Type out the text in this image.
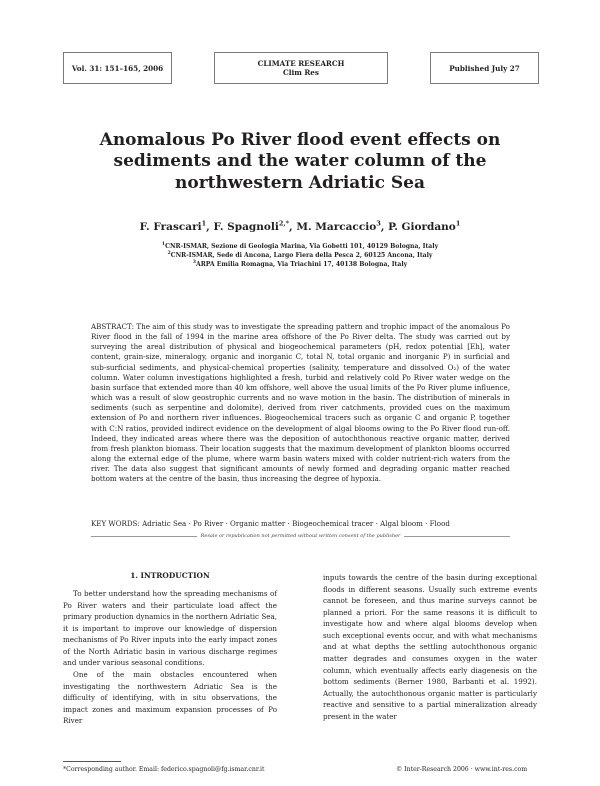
Vol. 31: 151–165, 2006	CLIMATE RESEARCH
Clim Res	Published July 27
Anomalous Po River flood event effects on sediments and the water column of the northwestern Adriatic Sea
F. Frascari$^1$, F. Spagnoli$^{2,*}$, M. Marcaccio$^3$, P. Giordano$^1$
$^1$CNR-ISMAR, Sezione di Geologia Marina, Via Gobetti 101, 40129 Bologna, Italy
$^2$CNR-ISMAR, Sede di Ancona, Largo Fiera della Pesca 2, 60125 Ancona, Italy
$^3$ARPA Emilia Romagna, Via Triachini 17, 40138 Bologna, Italy
ABSTRACT: The aim of this study was to investigate the spreading pattern and trophic impact of the anomalous Po River flood in the fall of 1994 in the marine area offshore of the Po River delta. The study was carried out by surveying the areal distribution of physical and biogeochemical parameters (pH, redox potential [Eh], water content, grain-size, mineralogy, organic and inorganic C, total N, total organic and inorganic P) in surficial and sub-surficial sediments, and physical-chemical properties (salinity, temperature and dissolved O₂) of the water column. Water column investigations highlighted a fresh, turbid and relatively cold Po River water wedge on the basin surface that extended more than 40 km offshore, well above the usual limits of the Po River plume influence, which was a result of slow geostrophic currents and no wave motion in the basin. The distribution of minerals in sediments (such as serpentine and dolomite), derived from river catchments, provided cues on the maximum extension of Po and northern river influences. Biogeochemical tracers such as organic C and organic P, together with C:N ratios, provided indirect evidence on the development of algal blooms owing to the Po River flood run-off. Indeed, they indicated areas where there was the deposition of autochthonous reactive organic matter, derived from fresh plankton biomass. Their location suggests that the maximum development of plankton blooms occurred along the external edge of the plume, where warm basin waters mixed with colder nutrient-rich waters from the river. The data also suggest that significant amounts of newly formed and degrading organic matter reached bottom waters at the centre of the basin, thus increasing the degree of hypoxia.
KEY WORDS: Adriatic Sea · Po River · Organic matter · Biogeochemical tracer · Algal bloom · Flood
Resale or republication not permitted without written consent of the publisher
1. INTRODUCTION

To better understand how the spreading mechanisms of Po River waters and their particulate load affect the primary production dynamics in the northern Adriatic Sea, it is important to improve our knowledge of dispersion mechanisms of Po River inputs into the early impact zones of the North Adriatic basin in various discharge regimes and under various seasonal conditions.

One of the main obstacles encountered when investigating the northwestern Adriatic Sea is the difficulty of identifying, with in situ observations, the impact zones and maximum expansion processes of Po River

inputs towards the centre of the basin during exceptional floods in different seasons. Usually such extreme events cannot be foreseen, and thus marine surveys cannot be planned a priori. For the same reasons it is difficult to investigate how and where algal blooms develop when such exceptional events occur, and with what mechanisms and at what depths the settling autochthonous organic matter degrades and consumes oxygen in the water column, which eventually affects early diagenesis on the bottom sediments (Berner 1980, Barbanti et al. 1992). Actually, the autochthonous organic matter is particularly reactive and sensitive to a partial mineralization already present in the water

*Corresponding author. Email: federico.spagnoli@fg.ismar.cnr.it	© Inter-Research 2006 · www.int-res.com
